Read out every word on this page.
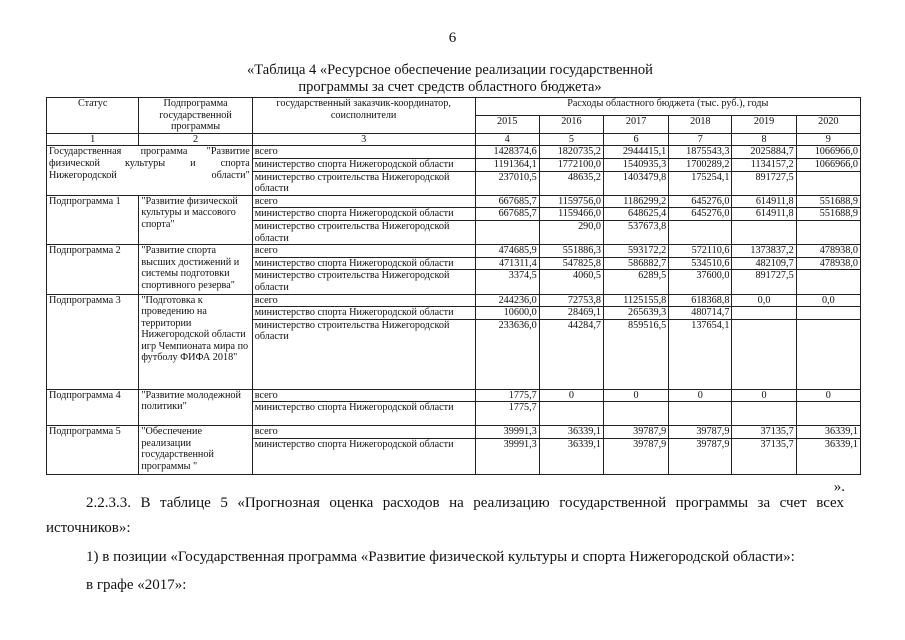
6
«Таблица 4 «Ресурсное обеспечение реализации государственной
программы за счет средств областного бюджета»
Статус	Подпрограмма государственной программы	государственный заказчик-координатор, соисполнители	Расходы областного бюджета (тыс. руб.), годы					
			2015	2016	2017	2018	2019	2020
1	2	3	4	5	6	7	8	9
Государственная программа "Развитие физической культуры и спорта Нижегородской области"		всего	1428374,6	1820735,2	2944415,1	1875543,3	2025884,7	1066966,0
		министерство спорта Нижегородской области	1191364,1	1772100,0	1540935,3	1700289,2	1134157,2	1066966,0
		министерство строительства Нижегородской области	237010,5	48635,2	1403479,8	175254,1	891727,5	
Подпрограмма 1	"Развитие физической культуры и массового спорта"	всего	667685,7	1159756,0	1186299,2	645276,0	614911,8	551688,9
		министерство спорта Нижегородской области	667685,7	1159466,0	648625,4	645276,0	614911,8	551688,9
		министерство строительства Нижегородской области		290,0	537673,8			
Подпрограмма 2	"Развитие спорта высших достижений и системы подготовки спортивного резерва"	всего	474685,9	551886,3	593172,2	572110,6	1373837,2	478938,0
		министерство спорта Нижегородской области	471311,4	547825,8	586882,7	534510,6	482109,7	478938,0
		министерство строительства Нижегородской области	3374,5	4060,5	6289,5	37600,0	891727,5	
Подпрограмма 3	"Подготовка к проведению на территории Нижегородской области игр Чемпионата мира по футболу ФИФА 2018"	всего	244236,0	72753,8	1125155,8	618368,8	0,0	0,0
		министерство спорта Нижегородской области	10600,0	28469,1	265639,3	480714,7		
		министерство строительства Нижегородской области	233636,0	44284,7	859516,5	137654,1		
Подпрограмма 4	"Развитие молодежной политики"	всего	1775,7	0	0	0	0	0
		министерство спорта Нижегородской области	1775,7					
Подпрограмма 5	"Обеспечение реализации государственной программы "	всего	39991,3	36339,1	39787,9	39787,9	37135,7	36339,1
		министерство спорта Нижегородской области	39991,3	36339,1	39787,9	39787,9	37135,7	36339,1
».
2.2.3.3. В таблице 5 «Прогнозная оценка расходов на реализацию государственной программы за счет всех
источников»:
1) в позиции «Государственная программа «Развитие физической культуры и спорта Нижегородской области»:
в графе «2017»:
